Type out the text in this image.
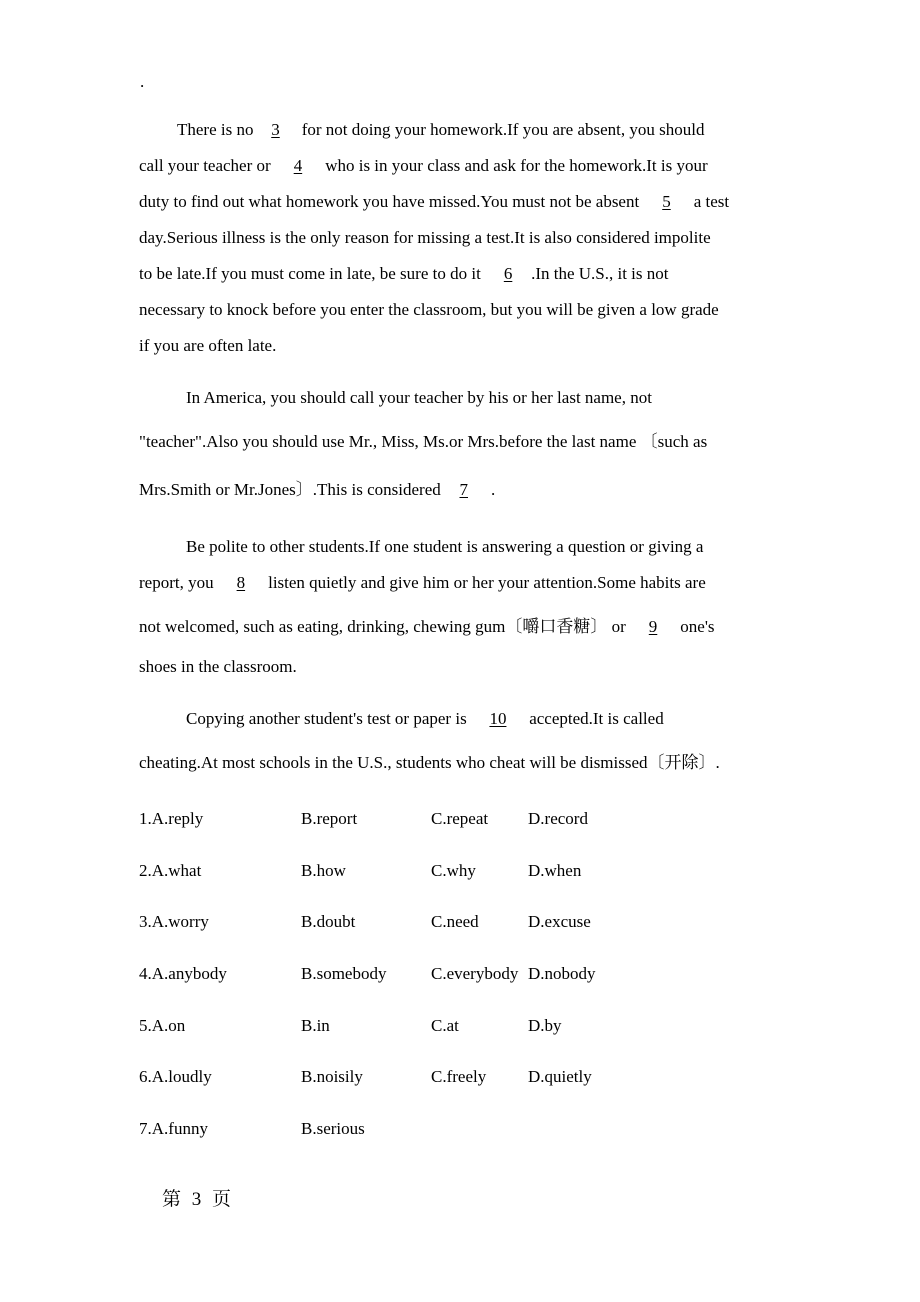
.
There is no3 for not doing your homework.If you are absent, you should
call your teacher or 4 who is in your class and ask for the homework.It is your
duty to find out what homework you have missed.You must not be absent 5 a test
day.Serious illness is the only reason for missing a test.It is also considered impolite
to be late.If you must come in late, be sure to do it 6.In the U.S., it is not
necessary to knock before you enter the classroom, but you will be given a low grade
if you are often late.
In America, you should call your teacher by his or her last name, not
"teacher".Also you should use Mr., Miss, Ms.or Mrs.before the last name 〔such as
Mrs.Smith or Mr.Jones〕.This is considered7 .
Be polite to other students.If one student is answering a question or giving a
report, you 8 listen quietly and give him or her your attention.Some habits are
not welcomed, such as eating, drinking, chewing gum〔嚼口香糖〕 or 9 one's
shoes in the classroom.
Copying another student's test or paper is 10 accepted.It is called
cheating.At most schools in the U.S., students who cheat will be dismissed〔开除〕.
1.A.reply	B.report	C.repeat D.record
2.A.what	B.how	C.why	D.when
3.A.worry	B.doubt	C.need	D.excuse
4.A.anybody	B.somebody	C.everybody D.nobody
5.A.on	B.in	C.at	D.by
6.A.loudly	B.noisily	C.freely D.quietly
7.A.funny	B.serious
第 3 页
